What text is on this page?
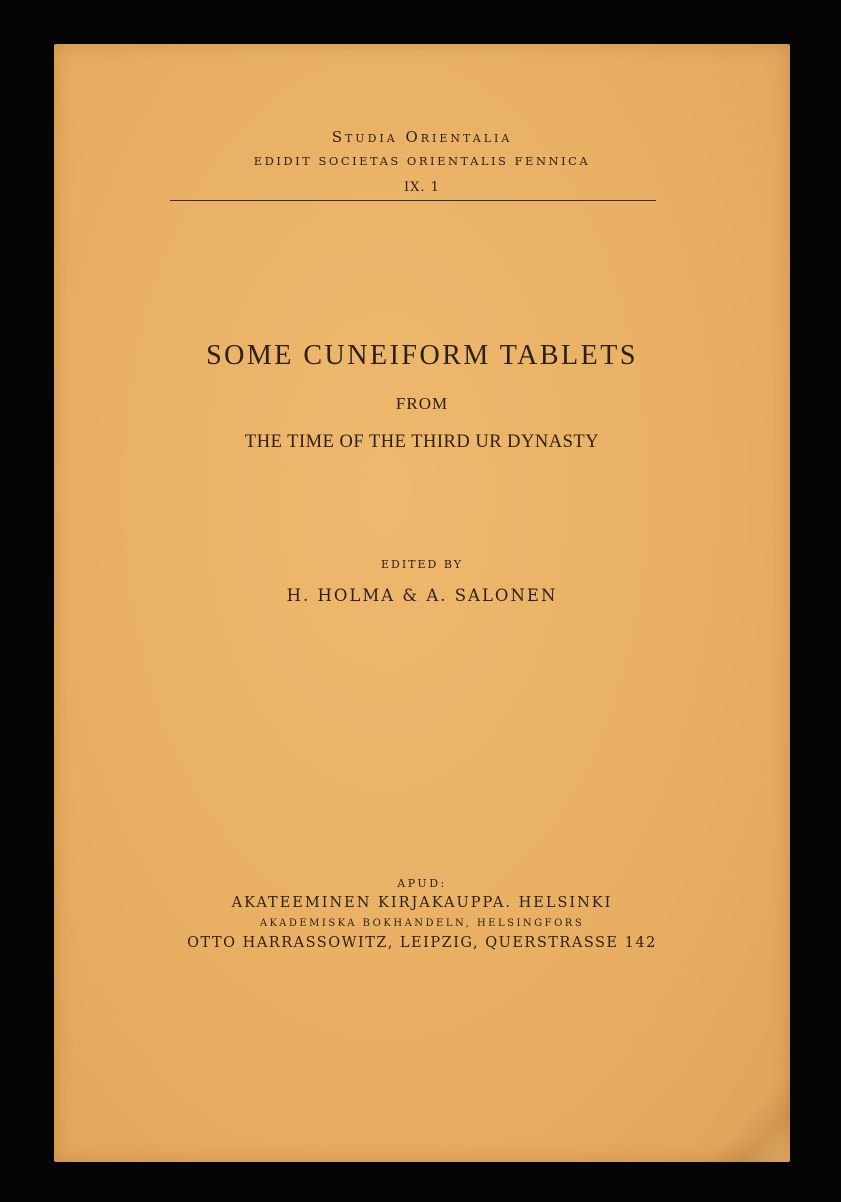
Studia Orientalia
EDIDIT SOCIETAS ORIENTALIS FENNICA
IX. 1
SOME CUNEIFORM TABLETS
FROM
THE TIME OF THE THIRD UR DYNASTY
EDITED BY
H. HOLMA & A. SALONEN
APUD:
AKATEEMINEN KIRJAKAUPPA. HELSINKI
AKADEMISKA BOKHANDELN, HELSINGFORS
OTTO HARRASSOWITZ, LEIPZIG, QUERSTRASSE 142
